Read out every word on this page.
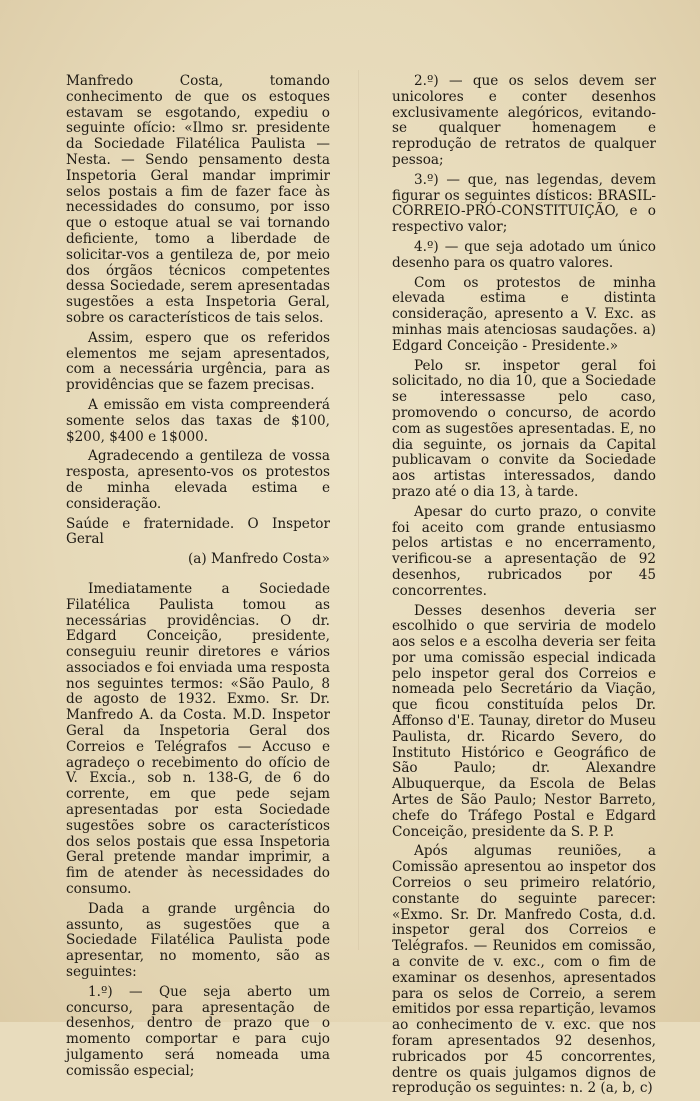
Manfredo Costa, tomando conhecimento de que os estoques estavam se esgotando, expediu o seguinte ofício: «Ilmo sr. presidente da Sociedade Filatélica Paulista — Nesta. — Sendo pensamento desta Inspetoria Geral mandar imprimir selos postais a fim de fazer face às necessidades do consumo, por isso que o estoque atual se vai tornando deficiente, tomo a liberdade de solicitar-vos a gentileza de, por meio dos órgãos técnicos competentes dessa Sociedade, serem apresentadas sugestões a esta Inspetoria Geral, sobre os característicos de tais selos.

Assim, espero que os referidos elementos me sejam apresentados, com a necessária urgência, para as providências que se fazem precisas.

A emissão em vista compreenderá somente selos das taxas de $100, $200, $400 e 1$000.

Agradecendo a gentileza de vossa resposta, apresento-vos os protestos de minha elevada estima e consideração.

Saúde e fraternidade. O Inspetor Geral

(a) Manfredo Costa»

Imediatamente a Sociedade Filatélica Paulista tomou as necessárias providências. O dr. Edgard Conceição, presidente, conseguiu reunir diretores e vários associados e foi enviada uma resposta nos seguintes termos: «São Paulo, 8 de agosto de 1932. Exmo. Sr. Dr. Manfredo A. da Costa. M.D. Inspetor Geral da Inspetoria Geral dos Correios e Telégrafos — Accuso e agradeço o recebimento do ofício de V. Excia., sob n. 138-G, de 6 do corrente, em que pede sejam apresentadas por esta Sociedade sugestões sobre os característicos dos selos postais que essa Inspetoria Geral pretende mandar imprimir, a fim de atender às necessidades do consumo.

Dada a grande urgência do assunto, as sugestões que a Sociedade Filatélica Paulista pode apresentar, no momento, são as seguintes:

1.º) — Que seja aberto um concurso, para apresentação de desenhos, dentro de prazo que o momento comportar e para cujo julgamento será nomeada uma comissão especial;

2.º) — que os selos devem ser unicolores e conter desenhos exclusivamente alegóricos, evitando-se qualquer homenagem e reprodução de retratos de qualquer pessoa;

3.º) — que, nas legendas, devem figurar os seguintes dísticos: BRASIL-CORREIO-PRÓ-CONSTITUIÇÃO, e o respectivo valor;

4.º) — que seja adotado um único desenho para os quatro valores.

Com os protestos de minha elevada estima e distinta consideração, apresento a V. Exc. as minhas mais atenciosas saudações. a) Edgard Conceição - Presidente.»

Pelo sr. inspetor geral foi solicitado, no dia 10, que a Sociedade se interessasse pelo caso, promovendo o concurso, de acordo com as sugestões apresentadas. E, no dia seguinte, os jornais da Capital publicavam o convite da Sociedade aos artistas interessados, dando prazo até o dia 13, à tarde.

Apesar do curto prazo, o convite foi aceito com grande entusiasmo pelos artistas e no encerramento, verificou-se a apresentação de 92 desenhos, rubricados por 45 concorrentes.

Desses desenhos deveria ser escolhido o que serviria de modelo aos selos e a escolha deveria ser feita por uma comissão especial indicada pelo inspetor geral dos Correios e nomeada pelo Secretário da Viação, que ficou constituída pelos Dr. Affonso d'E. Taunay, diretor do Museu Paulista, dr. Ricardo Severo, do Instituto Histórico e Geográfico de São Paulo; dr. Alexandre Albuquerque, da Escola de Belas Artes de São Paulo; Nestor Barreto, chefe do Tráfego Postal e Edgard Conceição, presidente da S. P. P.

Após algumas reuniões, a Comissão apresentou ao inspetor dos Correios o seu primeiro relatório, constante do seguinte parecer: «Exmo. Sr. Dr. Manfredo Costa, d.d. inspetor geral dos Correios e Telégrafos. — Reunidos em comissão, a convite de v. exc., com o fim de examinar os desenhos, apresentados para os selos de Correio, a serem emitidos por essa repartição, levamos ao conhecimento de v. exc. que nos foram apresentados 92 desenhos, rubricados por 45 concorrentes, dentre os quais julgamos dignos de reprodução os seguintes: n. 2 (a, b, c)
